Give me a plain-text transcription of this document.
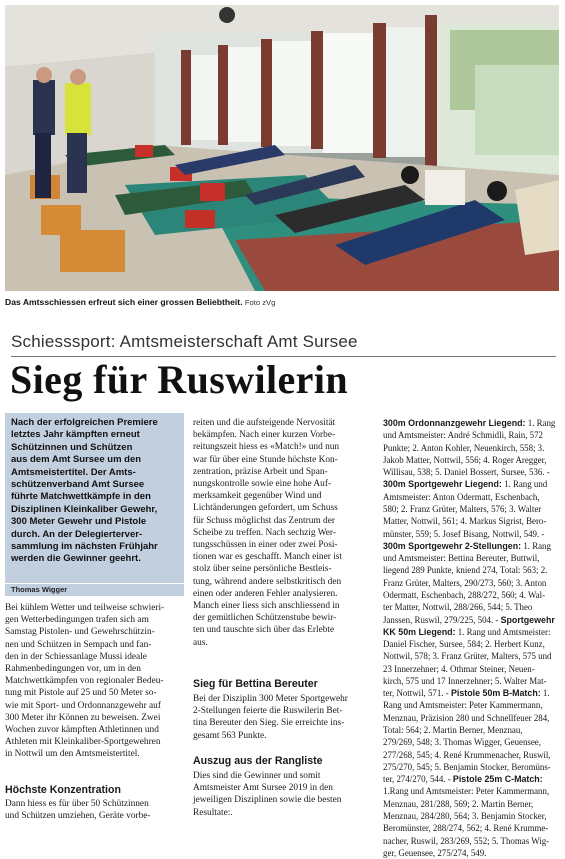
Das Amtsschiessen erfreut sich einer grossen Beliebtheit. Foto zVg
Schiesssport: Amtsmeisterschaft Amt Sursee
Sieg für Ruswilerin
Nach der erfolgreichen Premiere
letztes Jahr kämpften erneut
Schützinnen und Schützen
aus dem Amt Sursee um den
Amtsmeistertitel. Der Amts-
schützenverband Amt Sursee
führte Matchwettkämpfe in den
Disziplinen Kleinkaliber Gewehr,
300 Meter Gewehr und Pistole
durch. An der Delegierterver-
sammlung im nächsten Frühjahr
werden die Gewinner geehrt.
Thomas Wigger
Bei kühlem Wetter und teilweise schwieri-
gen Wetterbedingungen trafen sich am
Samstag Pistolen- und Gewehrschützin-
nen und Schützen in Sempach und fan-
den in der Schiessanlage Mussi ideale
Rahmenbedingungen vor, um in den
Matchwettkämpfen von regionaler Bedeu-
tung mit Pistole auf 25 und 50 Meter so-
wie mit Sport- und Ordonnanzgewehr auf
300 Meter ihr Können zu beweisen. Zwei
Wochen zuvor kämpften Athletinnen und
Athleten mit Kleinkaliber-Sportgewehren
in Nottwil um den Amtsmeistertitel.
Höchste Konzentration
Dann hiess es für über 50 Schützinnen
und Schützen umziehen, Geräte vorbe-
reiten und die aufsteigende Nervosität
bekämpfen. Nach einer kurzen Vorbe-
reitungszeit hiess es «Match!» und nun
war für über eine Stunde höchste Kon-
zentration, präzise Arbeit und Span-
nungskontrolle sowie eine hohe Auf-
merksamkeit gegenüber Wind und
Lichtänderungen gefordert, um Schuss
für Schuss möglichst das Zentrum der
Scheibe zu treffen. Nach sechzig Wer-
tungsschüssen in einer oder zwei Posi-
tionen war es geschafft. Manch einer ist
stolz über seine persönliche Bestleis-
tung, während andere selbstkritisch den
einen oder anderen Fehler analysieren.
Manch einer liess sich anschliessend in
der gemütlichen Schützenstube bewir-
ten und tauschte sich über das Erlebte
aus.
Sieg für Bettina Bereuter
Bei der Disziplin 300 Meter Sportgewehr
2-Stellungen feierte die Ruswilerin Bet-
tina Bereuter den Sieg. Sie erreichte ins-
gesamt 563 Punkte.
Auszug aus der Rangliste
Dies sind die Gewinner und somit
Amtsmeister Amt Sursee 2019 in den
jeweiligen Disziplinen sowie die besten
Resultate:.
300m Ordonnanzgewehr Liegend: 1. Rang
und Amtsmeister: André Schmidli, Rain, 572
Punkte; 2. Anton Kohler, Neuenkirch, 558; 3.
Jakob Matter, Nottwil, 556; 4. Roger Aregger,
Willisau, 538; 5. Daniel Bossert, Sursee, 536. -
300m Sportgewehr Liegend: 1. Rang und
Amtsmeister: Anton Odermatt, Eschenbach,
580; 2. Franz Grüter, Malters, 576; 3. Walter
Matter, Nottwil, 561; 4. Markus Sigrist, Bero-
münster, 559; 5. Josef Bisang, Nottwil, 549. -
300m Sportgewehr 2-Stellungen: 1. Rang
und Amtsmeister: Bettina Bereuter, Buttwil,
liegend 289 Punkte, kniend 274, Total: 563; 2.
Franz Grüter, Malters, 290/273, 560; 3. Anton
Odermatt, Eschenbach, 288/272, 560; 4. Wal-
ter Matter, Nottwil, 288/266, 544; 5. Theo
Janssen, Ruswil, 279/225, 504. - Sportgewehr
KK 50m Liegend: 1. Rang und Amtsmeister:
Daniel Fischer, Sursee, 584; 2. Herbert Kunz,
Nottwil, 578; 3. Franz Grüter, Malters, 575 und
23 Innerzehner; 4. Othmar Steiner, Neuen-
kirch, 575 und 17 Innerzehner; 5. Walter Mat-
ter, Nottwil, 571. - Pistole 50m B-Match: 1.
Rang und Amtsmeister: Peter Kammermann,
Menznau, Präzision 280 und Schnellfeuer 284,
Total: 564; 2. Martin Berner, Menznau,
279/269, 548; 3. Thomas Wigger, Geuensee,
277/268, 545; 4. René Krummenacher, Ruswil,
275/270, 545; 5. Benjamin Stocker, Beromüns-
ter, 274/270, 544. - Pistole 25m C-Match:
1.Rang und Amtsmeister: Peter Kammermann,
Menznau, 281/288, 569; 2. Martin Berner,
Menznau, 284/280, 564; 3. Benjamin Stocker,
Beromünster, 288/274, 562; 4. René Krumme-
nacher, Ruswil, 283/269, 552; 5. Thomas Wig-
ger, Geuensee, 275/274, 549.
